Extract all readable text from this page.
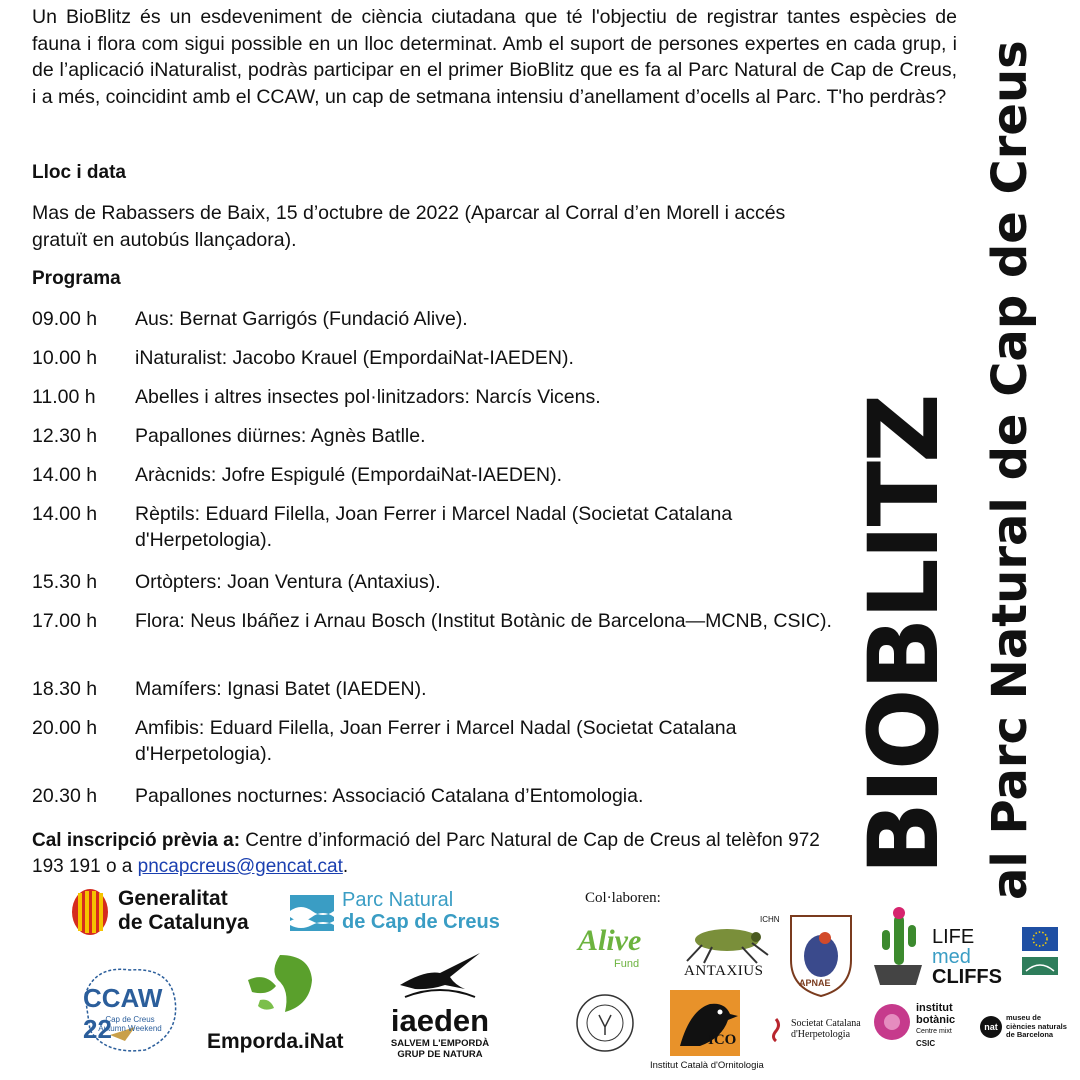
Un BioBlitz és un esdeveniment de ciència ciutadana que té l'objectiu de registrar tantes espècies de fauna i flora com sigui possible en un lloc determinat. Amb el suport de persones expertes en cada grup, i de l’aplicació iNaturalist, podràs participar en el primer BioBlitz que es fa al Parc Natural de Cap de Creus, i a més, coincidint amb el CCAW, un cap de setmana intensiu d’anellament d’ocells al Parc. T'ho perdràs?

Lloc i data

Mas de Rabassers de Baix, 15 d’octubre de 2022 (Aparcar al Corral d’en Morell i accés gratuït en autobús llançadora).

Programa

09.00 h	Aus: Bernat Garrigós (Fundació Alive).
10.00 h	iNaturalist: Jacobo Krauel (EmpordaiNat-IAEDEN).
11.00 h	Abelles i altres insectes pol·linitzadors: Narcís Vicens.
12.30 h	Papallones diürnes: Agnès Batlle.
14.00 h	Aràcnids: Jofre Espigulé (EmpordaiNat-IAEDEN).
14.00 h	Rèptils: Eduard Filella, Joan Ferrer i Marcel Nadal (Societat Catalana d'Herpetologia).
15.30 h	Ortòpters: Joan Ventura (Antaxius).
17.00 h	Flora: Neus Ibáñez i Arnau Bosch (Institut Botànic de Barcelona—MCNB, CSIC).
18.30 h	Mamífers: Ignasi Batet (IAEDEN).
20.00 h	Amfibis: Eduard Filella, Joan Ferrer i Marcel Nadal (Societat Catalana d'Herpetologia).
20.30 h	Papallones nocturnes: Associació Catalana d’Entomologia.

Cal inscripció prèvia a: Centre d’informació del Parc Natural de Cap de Creus al telèfon 972 193 191 o a pncapcreus@gencat.cat.	BIOBLITZ al Parc Natural de Cap de Creus
Generalitat
de Catalunya
Parc Natural
de Cap de Creus
Col·laboren:
CCAW 22
Cap de Creus Autumn Weekend
Emporda.iNat
iaeden
SALVEM L'EMPORDÀ
GRUP DE NATURA
Alive
Fund	ANTAXIUS
ICHN
APNAE
LIFE
med
CLIFFS
ICO
Institut Català d'Ornitologia
Societat Catalana
d'Herpetologia
institut
botànic
Centre mixt
CSIC
nat
museu de
ciències naturals
de Barcelona
